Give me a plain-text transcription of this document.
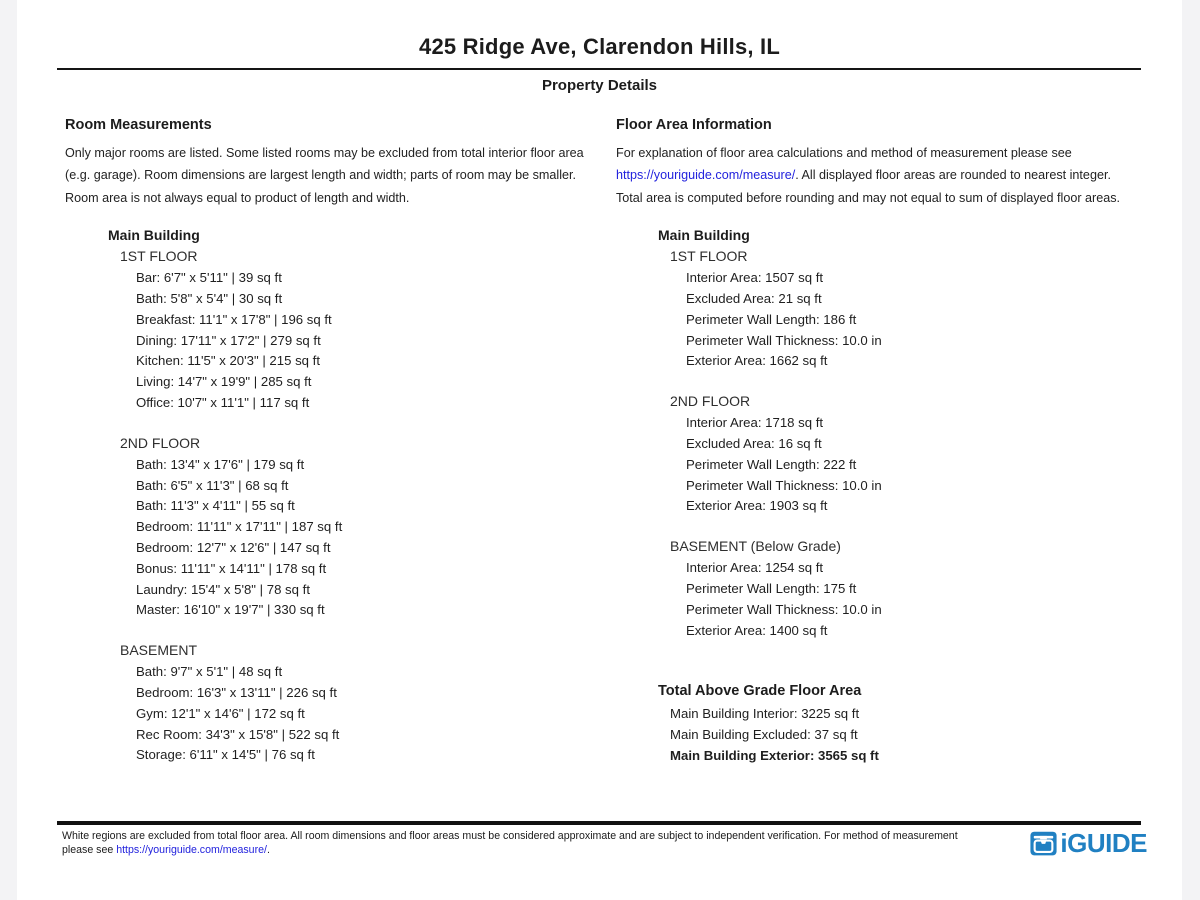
425 Ridge Ave, Clarendon Hills, IL
Property Details
Room Measurements

Only major rooms are listed. Some listed rooms may be excluded from total interior floor area (e.g. garage). Room dimensions are largest length and width; parts of room may be smaller. Room area is not always equal to product of length and width.

Main Building
1ST FLOOR
Bar: 6'7" x 5'11" | 39 sq ft
Bath: 5'8" x 5'4" | 30 sq ft
Breakfast: 11'1" x 17'8" | 196 sq ft
Dining: 17'11" x 17'2" | 279 sq ft
Kitchen: 11'5" x 20'3" | 215 sq ft
Living: 14'7" x 19'9" | 285 sq ft
Office: 10'7" x 11'1" | 117 sq ft
2ND FLOOR
Bath: 13'4" x 17'6" | 179 sq ft
Bath: 6'5" x 11'3" | 68 sq ft
Bath: 11'3" x 4'11" | 55 sq ft
Bedroom: 11'11" x 17'11" | 187 sq ft
Bedroom: 12'7" x 12'6" | 147 sq ft
Bonus: 11'11" x 14'11" | 178 sq ft
Laundry: 15'4" x 5'8" | 78 sq ft
Master: 16'10" x 19'7" | 330 sq ft
BASEMENT
Bath: 9'7" x 5'1" | 48 sq ft
Bedroom: 16'3" x 13'11" | 226 sq ft
Gym: 12'1" x 14'6" | 172 sq ft
Rec Room: 34'3" x 15'8" | 522 sq ft
Storage: 6'11" x 14'5" | 76 sq ft
Floor Area Information

For explanation of floor area calculations and method of measurement please see https://youriguide.com/measure/. All displayed floor areas are rounded to nearest integer. Total area is computed before rounding and may not equal to sum of displayed floor areas.

Main Building
1ST FLOOR
Interior Area: 1507 sq ft
Excluded Area: 21 sq ft
Perimeter Wall Length: 186 ft
Perimeter Wall Thickness: 10.0 in
Exterior Area: 1662 sq ft
2ND FLOOR
Interior Area: 1718 sq ft
Excluded Area: 16 sq ft
Perimeter Wall Length: 222 ft
Perimeter Wall Thickness: 10.0 in
Exterior Area: 1903 sq ft
BASEMENT (Below Grade)
Interior Area: 1254 sq ft
Perimeter Wall Length: 175 ft
Perimeter Wall Thickness: 10.0 in
Exterior Area: 1400 sq ft
Total Above Grade Floor Area
Main Building Interior: 3225 sq ft
Main Building Excluded: 37 sq ft
Main Building Exterior: 3565 sq ft
White regions are excluded from total floor area. All room dimensions and floor areas must be considered approximate and are subject to independent verification. For method of measurement please see https://youriguide.com/measure/.	iGUIDE
